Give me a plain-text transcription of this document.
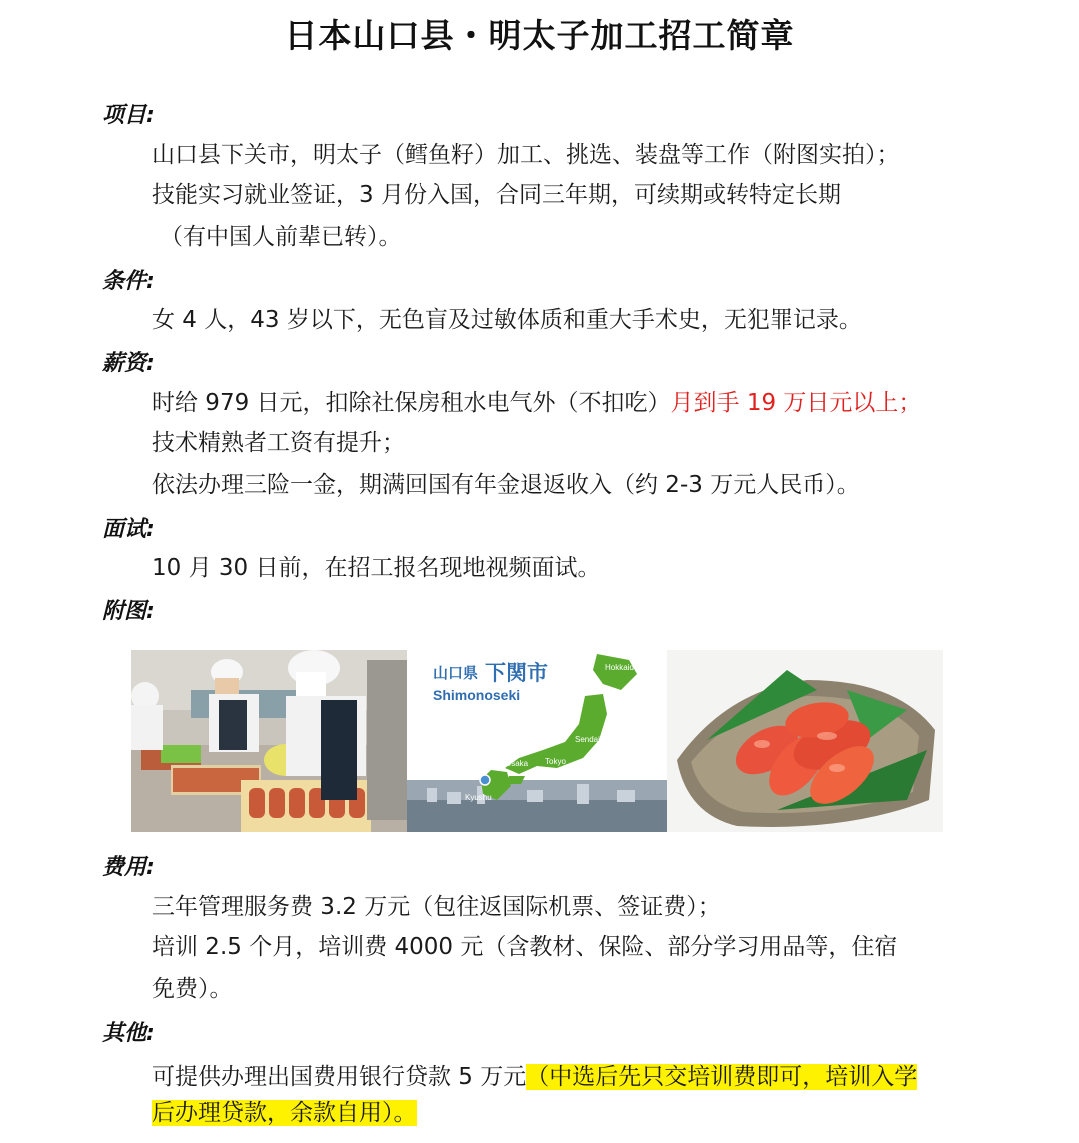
日本山口县・明太子加工招工简章
项目:
山口县下关市，明太子（鳕鱼籽）加工、挑选、装盘等工作（附图实拍）；
技能实习就业签证，3 月份入国，合同三年期，可续期或转特定长期
（有中国人前辈已转）。
条件:
女 4 人，43 岁以下，无色盲及过敏体质和重大手术史，无犯罪记录。
薪资:
时给 979 日元，扣除社保房租水电气外（不扣吃）月到手 19 万日元以上；
技术精熟者工资有提升；
依法办理三险一金，期满回国有年金退返收入（约 2-3 万元人民币）。
面试:
10 月 30 日前，在招工报名现地视频面试。
附图:
Hokkaido
Sendai
Tokyo
Osaka
Kyushu
山口県 下関市
Shimonoseki
费用:
三年管理服务费 3.2 万元（包往返国际机票、签证费）；
培训 2.5 个月，培训费 4000 元（含教材、保险、部分学习用品等，住宿
免费）。
其他:
可提供办理出国费用银行贷款 5 万元（中选后先只交培训费即可，培训入学
后办理贷款，余款自用）。
